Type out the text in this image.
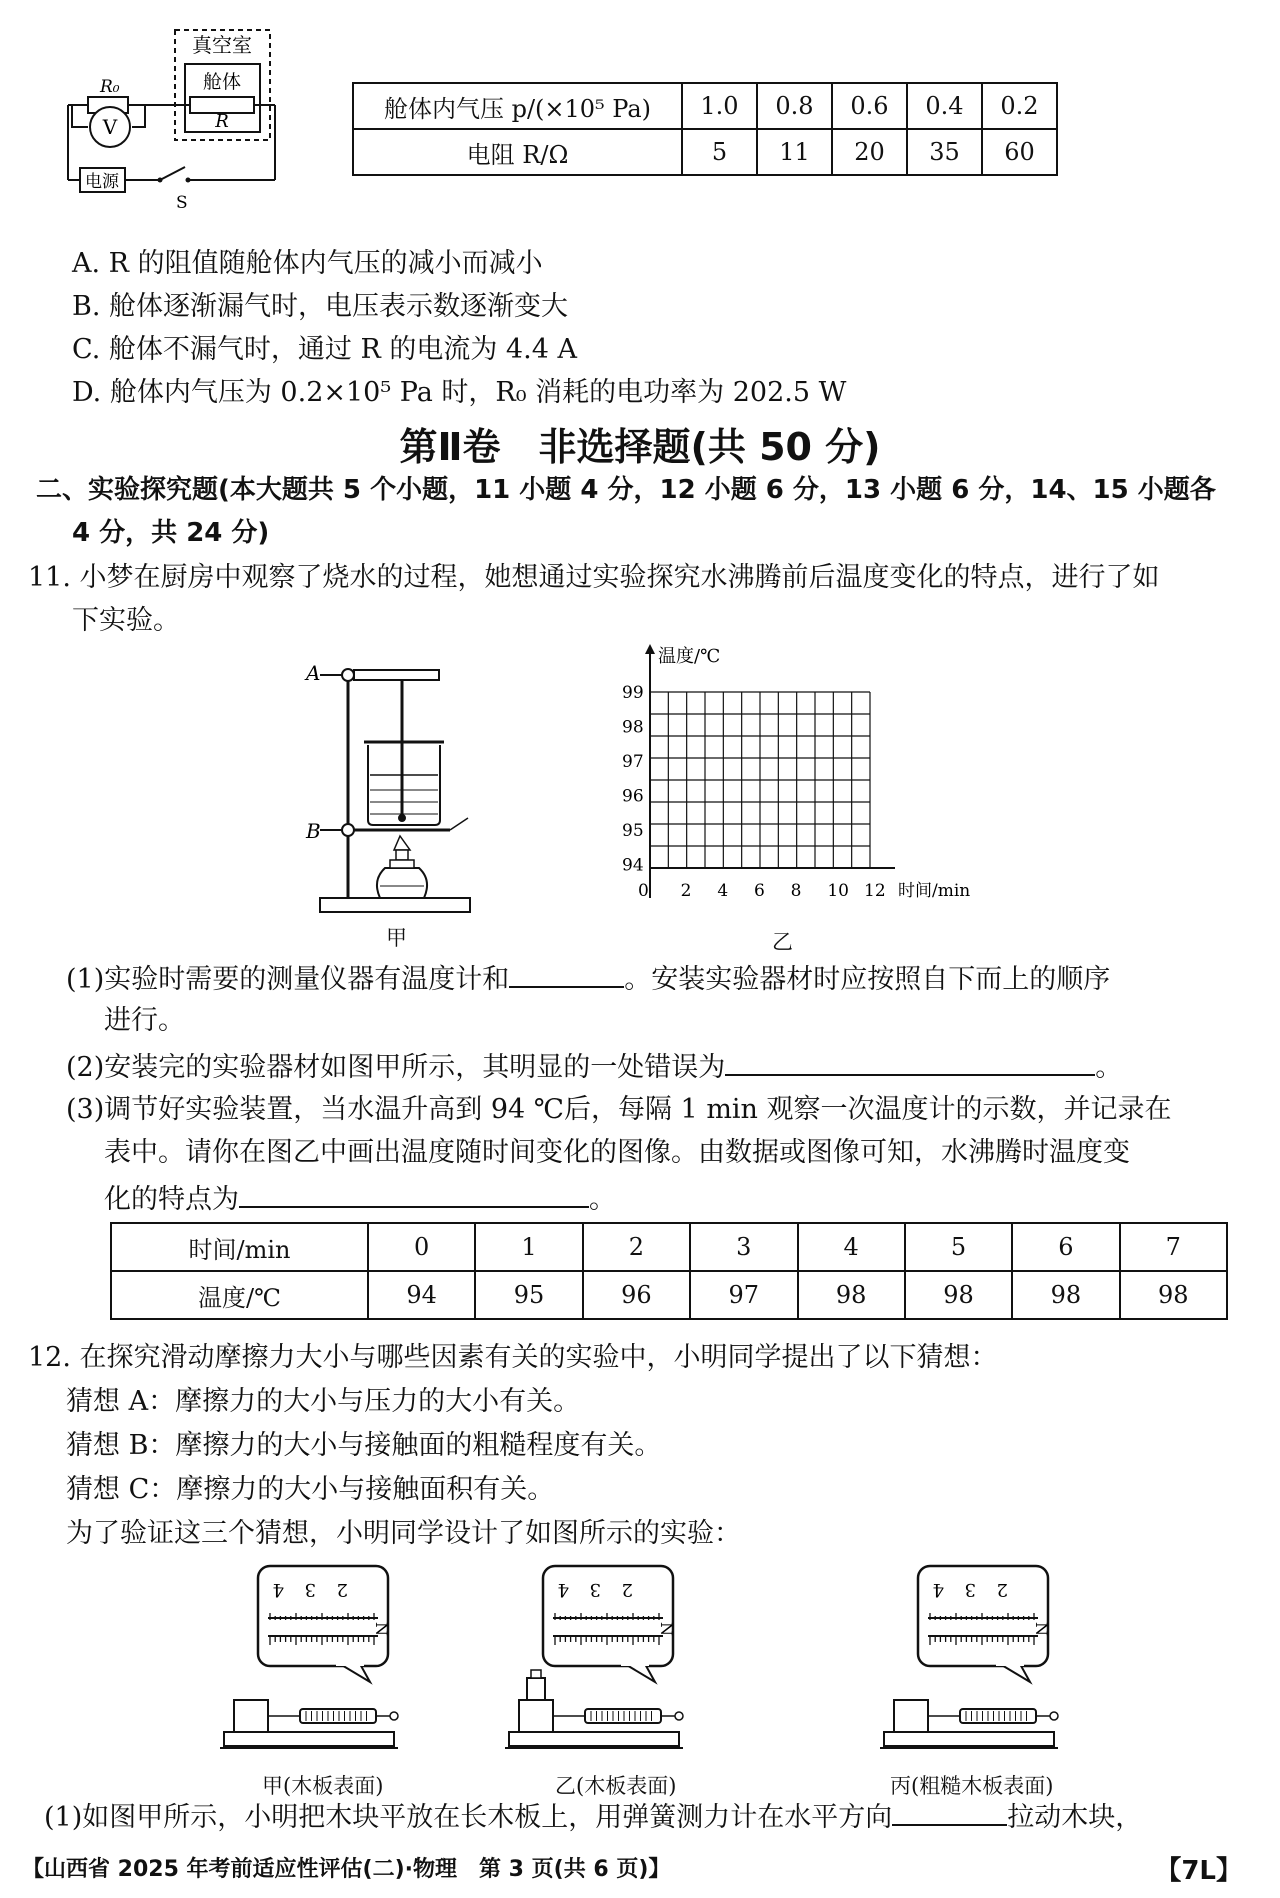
真空室
舱体
R
R₀
V
电源
S
舱体内气压 p/(×10⁵ Pa)	1.0	0.8	0.6	0.4	0.2
电阻 R/Ω	5	11	20	35	60
A. R 的阻值随舱体内气压的减小而减小
B. 舱体逐渐漏气时，电压表示数逐渐变大
C. 舱体不漏气时，通过 R 的电流为 4.4 A
D. 舱体内气压为 0.2×10⁵ Pa 时，R₀ 消耗的电功率为 202.5 W
第Ⅱ卷　非选择题(共 50 分)
二、实验探究题(本大题共 5 个小题，11 小题 4 分，12 小题 6 分，13 小题 6 分，14、15 小题各
4 分，共 24 分)
11. 小梦在厨房中观察了烧水的过程，她想通过实验探究水沸腾前后温度变化的特点，进行了如
下实验。
A
B
甲
温度/℃
时间/min
99
98
97
96
95
94
0 2 4 6 8 10 12
乙
(1)实验时需要的测量仪器有温度计和	。安装实验器材时应按照自下而上的顺序
进行。
(2)安装完的实验器材如图甲所示，其明显的一处错误为	。
(3)调节好实验装置，当水温升高到 94 ℃后，每隔 1 min 观察一次温度计的示数，并记录在
表中。请你在图乙中画出温度随时间变化的图像。由数据或图像可知，水沸腾时温度变
化的特点为	。
时间/min	0	1	2	3	4	5	6	7
温度/℃	94	95	96	97	98	98	98	98
12. 在探究滑动摩擦力大小与哪些因素有关的实验中，小明同学提出了以下猜想：
猜想 A：摩擦力的大小与压力的大小有关。
猜想 B：摩擦力的大小与接触面的粗糙程度有关。
猜想 C：摩擦力的大小与接触面积有关。
为了验证这三个猜想，小明同学设计了如图所示的实验：
4 3 2
N
甲(木板表面)
4 3 2
N
乙(木板表面)
4 3 2
N
丙(粗糙木板表面)
(1)如图甲所示，小明把木块平放在长木板上，用弹簧测力计在水平方向	拉动木块，
【山西省 2025 年考前适应性评估(二)·物理　第 3 页(共 6 页)】	【7L】
